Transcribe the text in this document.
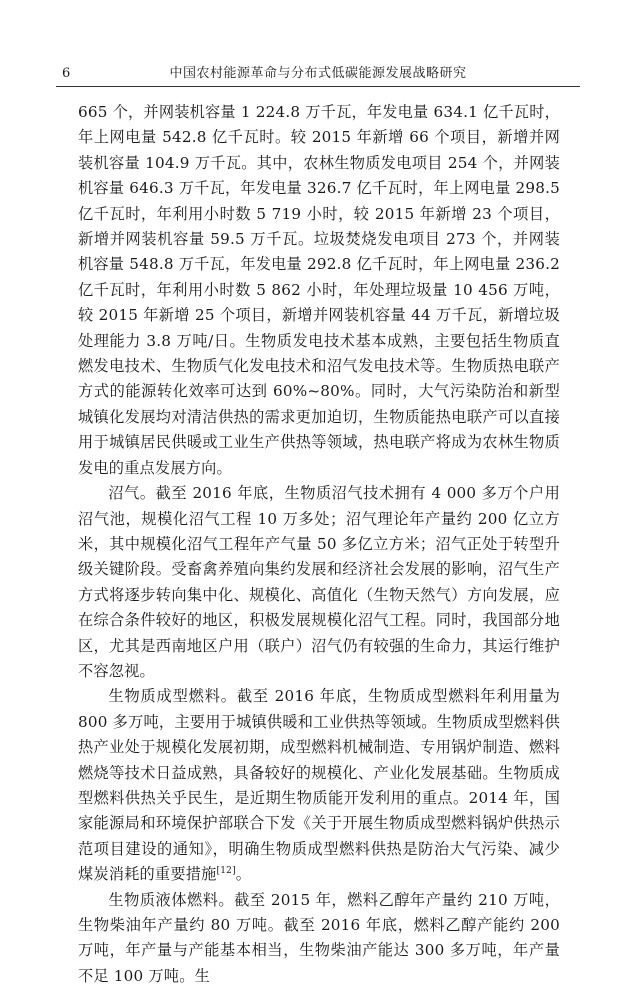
6	中国农村能源革命与分布式低碳能源发展战略研究

665 个，并网装机容量 1 224.8 万千瓦，年发电量 634.1 亿千瓦时，年上网电量 542.8 亿千瓦时。较 2015 年新增 66 个项目，新增并网装机容量 104.9 万千瓦。其中，农林生物质发电项目 254 个，并网装机容量 646.3 万千瓦，年发电量 326.7 亿千瓦时，年上网电量 298.5 亿千瓦时，年利用小时数 5 719 小时，较 2015 年新增 23 个项目，新增并网装机容量 59.5 万千瓦。垃圾焚烧发电项目 273 个，并网装机容量 548.8 万千瓦，年发电量 292.8 亿千瓦时，年上网电量 236.2 亿千瓦时，年利用小时数 5 862 小时，年处理垃圾量 10 456 万吨，较 2015 年新增 25 个项目，新增并网装机容量 44 万千瓦，新增垃圾处理能力 3.8 万吨/日。生物质发电技术基本成熟，主要包括生物质直燃发电技术、生物质气化发电技术和沼气发电技术等。生物质热电联产方式的能源转化效率可达到 60%~80%。同时，大气污染防治和新型城镇化发展均对清洁供热的需求更加迫切，生物质能热电联产可以直接用于城镇居民供暖或工业生产供热等领域，热电联产将成为农林生物质发电的重点发展方向。

沼气。截至 2016 年底，生物质沼气技术拥有 4 000 多万个户用沼气池，规模化沼气工程 10 万多处；沼气理论年产量约 200 亿立方米，其中规模化沼气工程年产气量 50 多亿立方米；沼气正处于转型升级关键阶段。受畜禽养殖向集约发展和经济社会发展的影响，沼气生产方式将逐步转向集中化、规模化、高值化（生物天然气）方向发展，应在综合条件较好的地区，积极发展规模化沼气工程。同时，我国部分地区，尤其是西南地区户用（联户）沼气仍有较强的生命力，其运行维护不容忽视。

生物质成型燃料。截至 2016 年底，生物质成型燃料年利用量为 800 多万吨，主要用于城镇供暖和工业供热等领域。生物质成型燃料供热产业处于规模化发展初期，成型燃料机械制造、专用锅炉制造、燃料燃烧等技术日益成熟，具备较好的规模化、产业化发展基础。生物质成型燃料供热关乎民生，是近期生物质能开发利用的重点。2014 年，国家能源局和环境保护部联合下发《关于开展生物质成型燃料锅炉供热示范项目建设的通知》，明确生物质成型燃料供热是防治大气污染、减少煤炭消耗的重要措施[12]。

生物质液体燃料。截至 2015 年，燃料乙醇年产量约 210 万吨，生物柴油年产量约 80 万吨。截至 2016 年底，燃料乙醇产能约 200 万吨，年产量与产能基本相当，生物柴油产能达 300 多万吨，年产量不足 100 万吨。生
